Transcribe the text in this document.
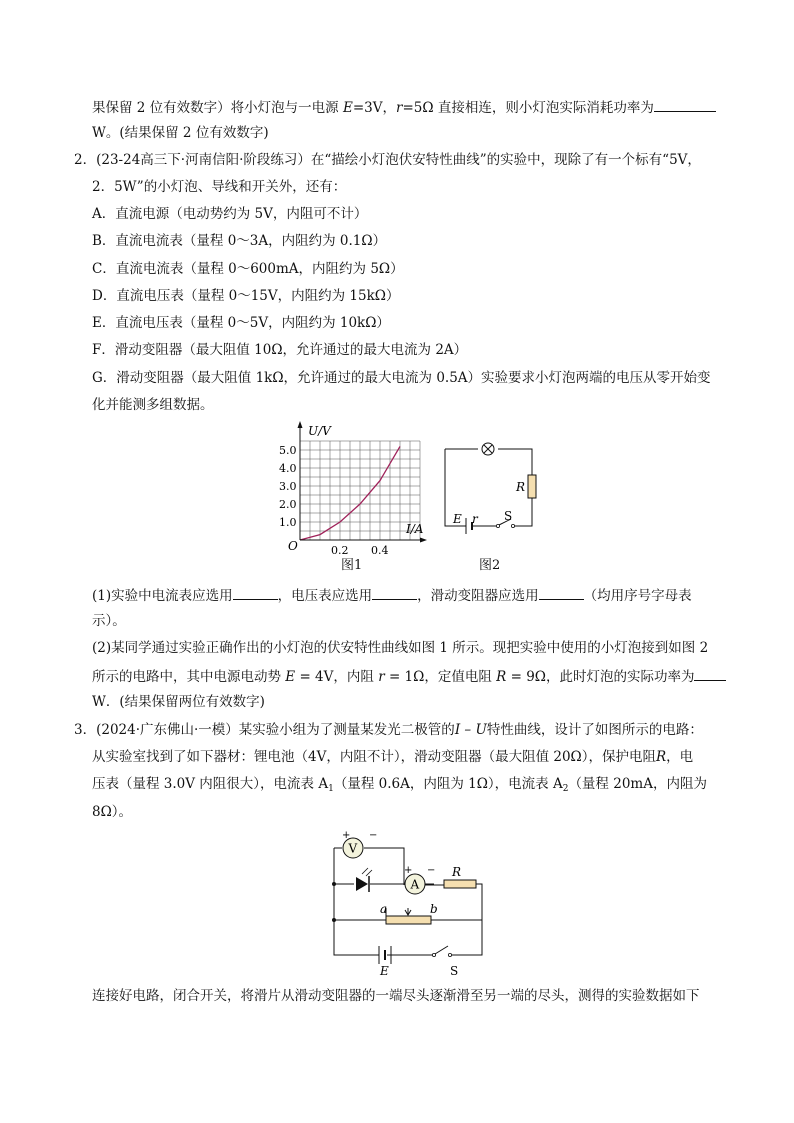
果保留 2 位有效数字）将小灯泡与一电源 E=3V，r=5Ω 直接相连，则小灯泡实际消耗功率为
W。(结果保留 2 位有效数字)
2．(23-24高三下·河南信阳·阶段练习）在“描绘小灯泡伏安特性曲线”的实验中，现除了有一个标有“5V，
2．5W”的小灯泡、导线和开关外，还有：
A．直流电源（电动势约为 5V，内阻可不计）
B．直流电流表（量程 0～3A，内阻约为 0.1Ω）
C．直流电流表（量程 0～600mA，内阻约为 5Ω）
D．直流电压表（量程 0～15V，内阻约为 15kΩ）
E．直流电压表（量程 0～5V，内阻约为 10kΩ）
F．滑动变阻器（最大阻值 10Ω，允许通过的最大电流为 2A）
G．滑动变阻器（最大阻值 1kΩ，允许通过的最大电流为 0.5A）实验要求小灯泡两端的电压从零开始变
化并能测多组数据。
U/V
I/A
O
5.0
4.0
3.0
2.0
1.0
0.2 0.4
图1
R
E r S
图2
(1)实验中电流表应选用	，电压表应选用	，滑动变阻器应选用	（均用序号字母表
示）。
(2)某同学通过实验正确作出的小灯泡的伏安特性曲线如图 1 所示。现把实验中使用的小灯泡接到如图 2
所示的电路中，其中电源电动势 E = 4V，内阻 r = 1Ω，定值电阻 R = 9Ω，此时灯泡的实际功率为
W．(结果保留两位有效数字)
3．(2024·广东佛山·一模）某实验小组为了测量某发光二极管的I – U特性曲线，设计了如图所示的电路：
从实验室找到了如下器材：锂电池（4V，内阻不计），滑动变阻器（最大阻值 20Ω），保护电阻R，电
压表（量程 3.0V 内阻很大），电流表 $A_1$（量程 0.6A，内阻为 1Ω），电流表 $A_2$（量程 20mA，内阻为
8Ω）。
V
+ −
A
+ − R
a	b
E	S
连接好电路，闭合开关，将滑片从滑动变阻器的一端尽头逐渐滑至另一端的尽头，测得的实验数据如下
